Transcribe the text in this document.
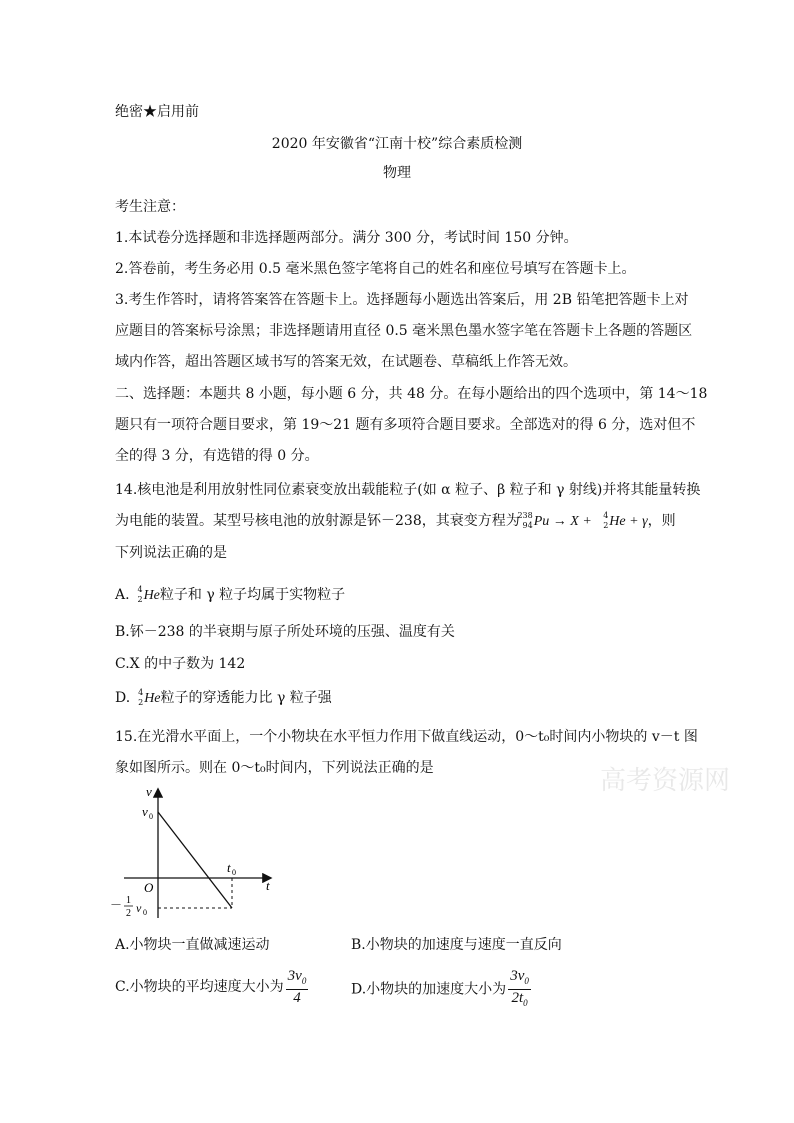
绝密★启用前
2020 年安徽省“江南十校”综合素质检测
物理
考生注意：
1.本试卷分选择题和非选择题两部分。满分 300 分，考试时间 150 分钟。
2.答卷前，考生务必用 0.5 毫米黑色签字笔将自己的姓名和座位号填写在答题卡上。
3.考生作答时，请将答案答在答题卡上。选择题每小题选出答案后，用 2B 铅笔把答题卡上对
应题目的答案标号涂黑；非选择题请用直径 0.5 毫米黑色墨水签字笔在答题卡上各题的答题区
域内作答，超出答题区域书写的答案无效，在试题卷、草稿纸上作答无效。
二、选择题：本题共 8 小题，每小题 6 分，共 48 分。在每小题给出的四个选项中，第 14～18
题只有一项符合题目要求，第 19～21 题有多项符合题目要求。全部选对的得 6 分，选对但不
全的得 3 分，有选错的得 0 分。
14.核电池是利用放射性同位素衰变放出载能粒子(如 α 粒子、β 粒子和 γ 射线)并将其能量转换
为电能的装置。某型号核电池的放射源是钚－238，其衰变方程为
238
94 Pu → X + 4
2 He + γ，则
下列说法正确的是
A. 4
2 He粒子和 γ 粒子均属于实物粒子
B.钚－238 的半衰期与原子所处环境的压强、温度有关
C.X 的中子数为 142
D. 4
2 He粒子的穿透能力比 γ 粒子强
15.在光滑水平面上，一个小物块在水平恒力作用下做直线运动，0～t₀时间内小物块的 v－t 图
象如图所示。则在 0～t₀时间内，下列说法正确的是	高考资源网
v
t
O
v 0
t 0
－ 1
2 v 0
A.小物块一直做减速运动	B.小物块的加速度与速度一直反向
C.小物块的平均速度大小为 $\frac{3v_0}{4}$	D.小物块的加速度大小为 $\frac{3v_0}{2t_0}$
